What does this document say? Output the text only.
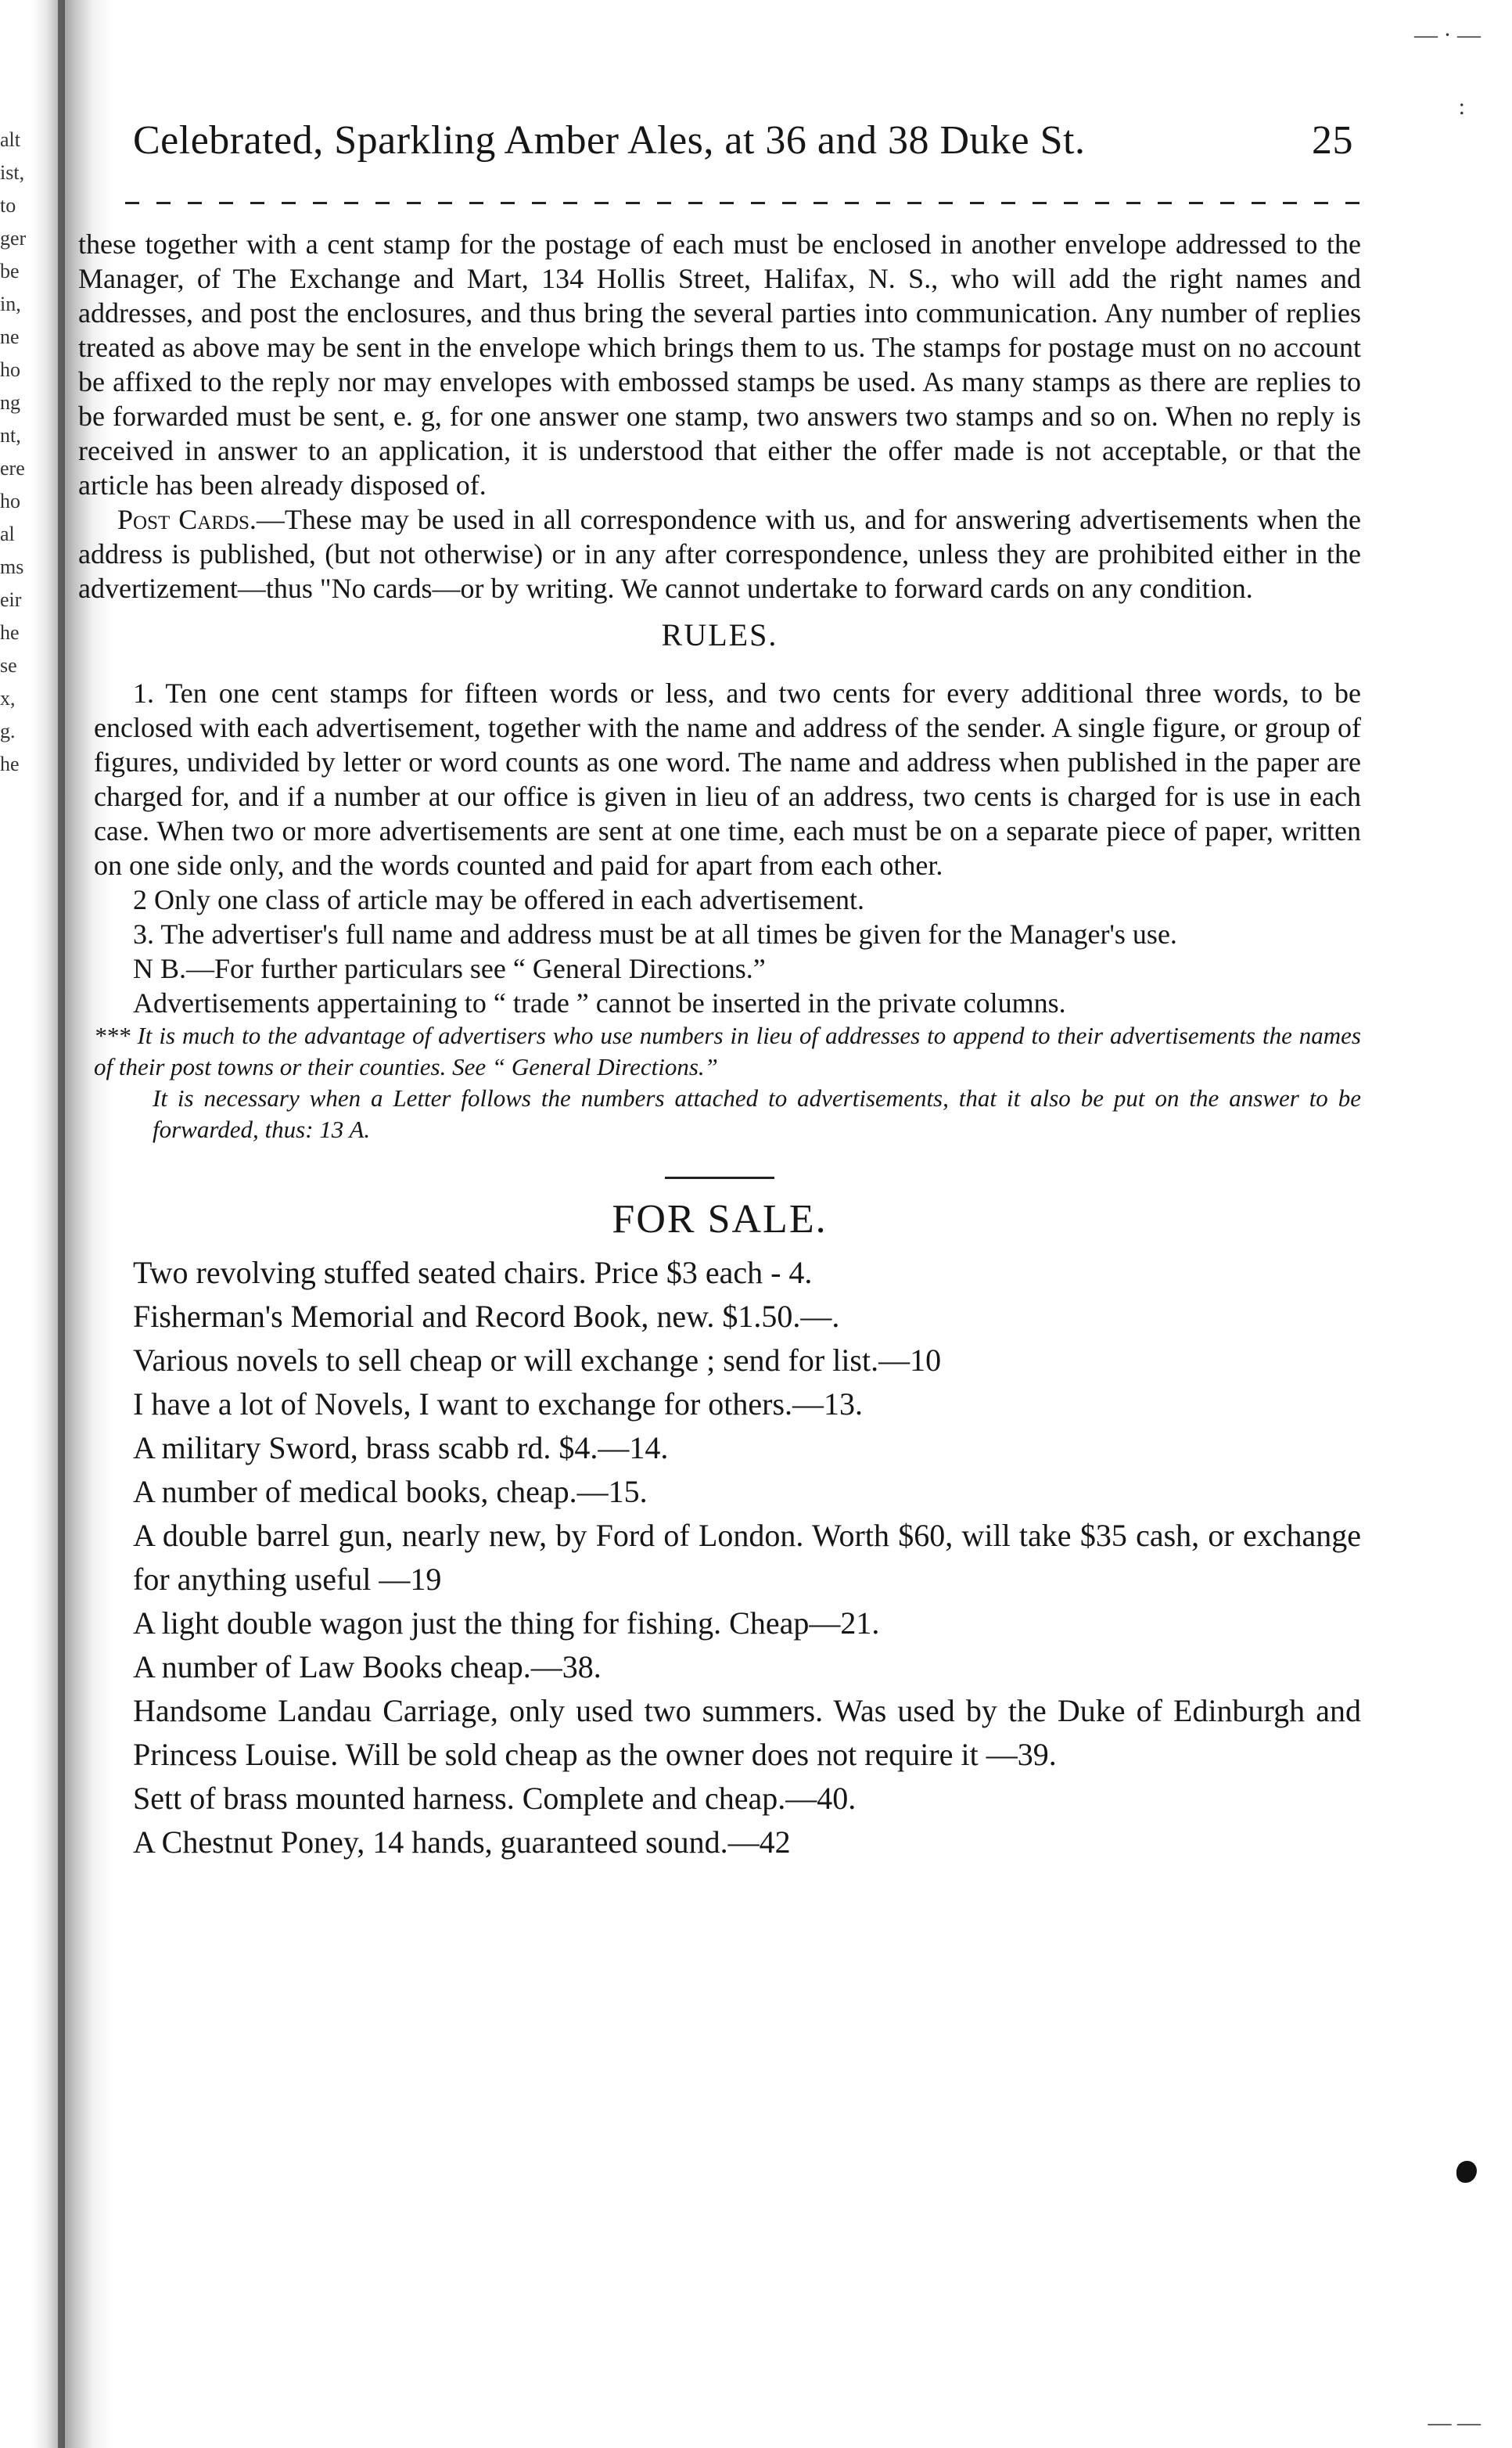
alt
ist,
to
ger
be
in,
ne
ho
ng
nt,
ere
ho
al
ms
eir
he
se
x,
g.
he
— · —
:
Celebrated, Sparkling Amber Ales, at 36 and 38 Duke St.	25

these together with a cent stamp for the postage of each must be enclosed in another envelope addressed to the Manager, of The Exchange and Mart, 134 Hollis Street, Halifax, N. S., who will add the right names and addresses, and post the enclosures, and thus bring the several parties into communication. Any number of replies treated as above may be sent in the envelope which brings them to us. The stamps for postage must on no account be affixed to the reply nor may envelopes with embossed stamps be used. As many stamps as there are replies to be forwarded must be sent, e. g, for one answer one stamp, two answers two stamps and so on. When no reply is received in answer to an application, it is understood that either the offer made is not acceptable, or that the article has been already disposed of.

Post Cards.—These may be used in all correspondence with us, and for answering advertisements when the address is published, (but not otherwise) or in any after correspondence, unless they are prohibited either in the advertizement—thus "No cards—or by writing. We cannot undertake to forward cards on any condition.

RULES.

1. Ten one cent stamps for fifteen words or less, and two cents for every additional three words, to be enclosed with each advertisement, together with the name and address of the sender. A single figure, or group of figures, undivided by letter or word counts as one word. The name and address when published in the paper are charged for, and if a number at our office is given in lieu of an address, two cents is charged for is use in each case. When two or more advertisements are sent at one time, each must be on a separate piece of paper, written on one side only, and the words counted and paid for apart from each other.

2 Only one class of article may be offered in each advertisement.

3. The advertiser's full name and address must be at all times be given for the Manager's use.

N B.—For further particulars see “ General Directions.”

Advertisements appertaining to “ trade ” cannot be inserted in the private columns.

*** It is much to the advantage of advertisers who use numbers in lieu of addresses to append to their advertisements the names of their post towns or their counties. See “ General Directions.”

It is necessary when a Letter follows the numbers attached to advertisements, that it also be put on the answer to be forwarded, thus: 13 A.

FOR SALE.

Two revolving stuffed seated chairs. Price $3 each - 4.

Fisherman's Memorial and Record Book, new. $1.50.—.

Various novels to sell cheap or will exchange ; send for list.—10

I have a lot of Novels, I want to exchange for others.—13.

A military Sword, brass scabb rd. $4.—14.

A number of medical books, cheap.—15.

A double barrel gun, nearly new, by Ford of London. Worth $60, will take $35 cash, or exchange for anything useful —19

A light double wagon just the thing for fishing. Cheap—21.

A number of Law Books cheap.—38.

Handsome Landau Carriage, only used two summers. Was used by the Duke of Edinburgh and Princess Louise. Will be sold cheap as the owner does not require it —39.

Sett of brass mounted harness. Complete and cheap.—40.

A Chestnut Poney, 14 hands, guaranteed sound.—42

— —
